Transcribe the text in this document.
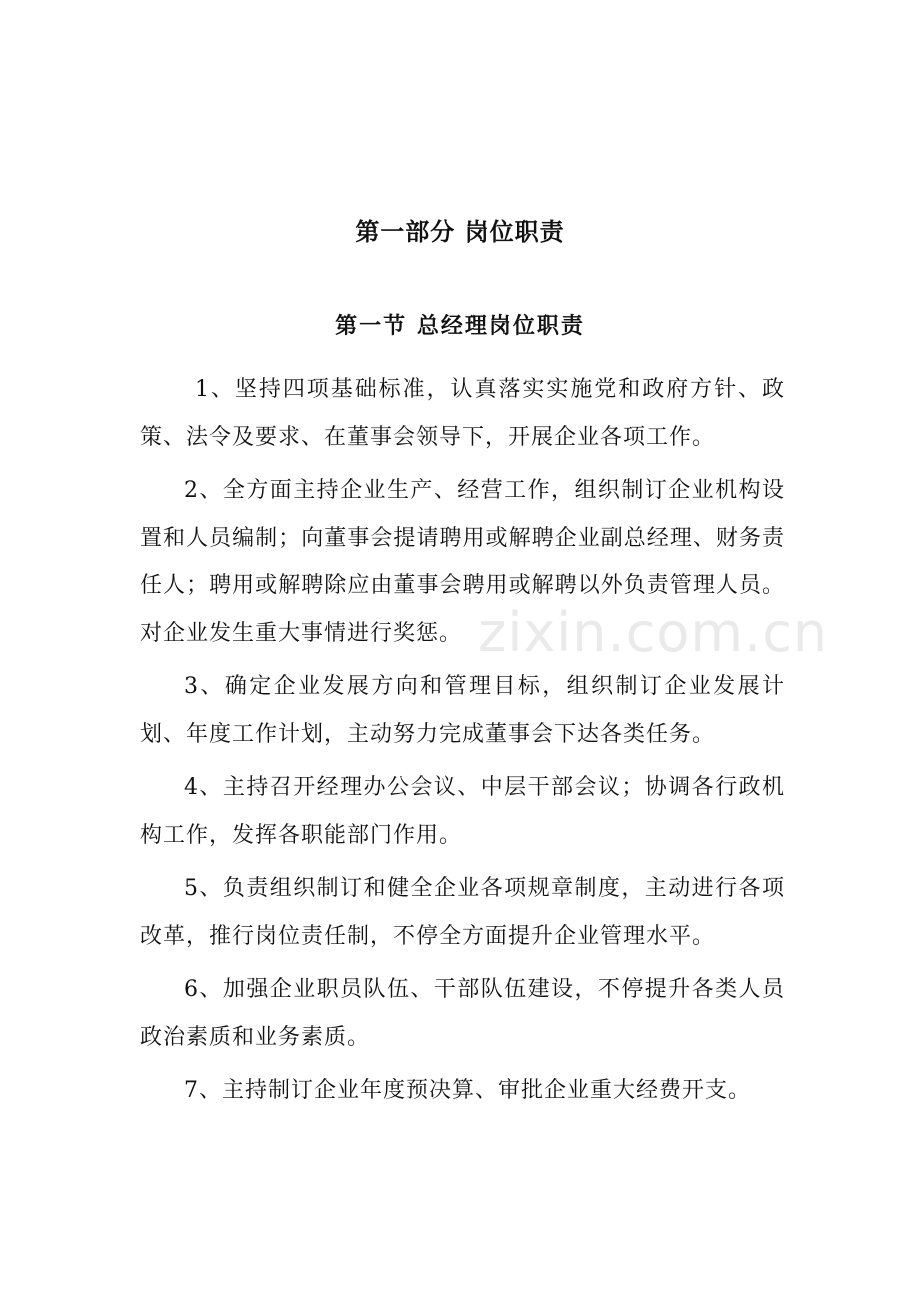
第一部分 岗位职责
第一节 总经理岗位职责

1、坚持四项基础标准，认真落实实施党和政府方针、政策、法令及要求、在董事会领导下，开展企业各项工作。

2、全方面主持企业生产、经营工作，组织制订企业机构设置和人员编制；向董事会提请聘用或解聘企业副总经理、财务责任人；聘用或解聘除应由董事会聘用或解聘以外负责管理人员。对企业发生重大事情进行奖惩。

3、确定企业发展方向和管理目标，组织制订企业发展计划、年度工作计划，主动努力完成董事会下达各类任务。

4、主持召开经理办公会议、中层干部会议；协调各行政机构工作，发挥各职能部门作用。

5、负责组织制订和健全企业各项规章制度，主动进行各项改革，推行岗位责任制，不停全方面提升企业管理水平。

6、加强企业职员队伍、干部队伍建设，不停提升各类人员政治素质和业务素质。

7、主持制订企业年度预决算、审批企业重大经费开支。

zixin.com.cn
